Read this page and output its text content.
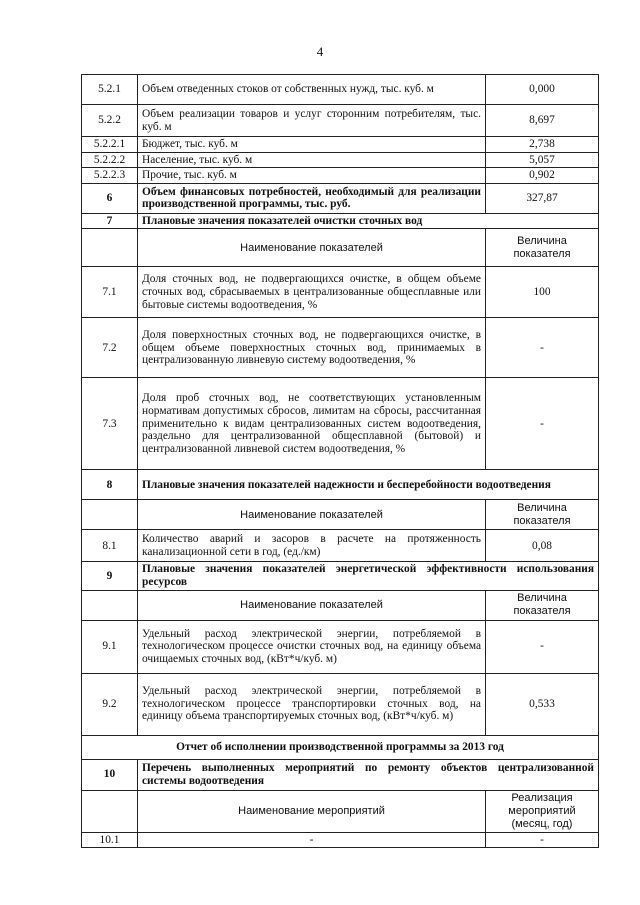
4
5.2.1	Объем отведенных стоков от собственных нужд, тыс. куб. м	0,000
5.2.2	Объем реализации товаров и услуг сторонним потребителям, тыс. куб. м	8,697
5.2.2.1	Бюджет, тыс. куб. м	2,738
5.2.2.2	Население, тыс. куб. м	5,057
5.2.2.3	Прочие, тыс. куб. м	0,902
6	Объем финансовых потребностей, необходимый для реализации производственной программы, тыс. руб.	327,87
7	Плановые значения показателей очистки сточных вод	
	Наименование показателей	Величина показателя
7.1	Доля сточных вод, не подвергающихся очистке, в общем объеме сточных вод, сбрасываемых в централизованные общесплавные или бытовые системы водоотведения, %	100
7.2	Доля поверхностных сточных вод, не подвергающихся очистке, в общем объеме поверхностных сточных вод, принимаемых в централизованную ливневую систему водоотведения, %	-
7.3	Доля проб сточных вод, не соответствующих установленным нормативам допустимых сбросов, лимитам на сбросы, рассчитанная применительно к видам централизованных систем водоотведения, раздельно для централизованной общесплавной (бытовой) и централизованной ливневой систем водоотведения, %	-
8	Плановые значения показателей надежности и бесперебойности водоотведения	
	Наименование показателей	Величина показателя
8.1	Количество аварий и засоров в расчете на протяженность канализационной сети в год, (ед./км)	0,08
9	Плановые значения показателей энергетической эффективности использования ресурсов	
	Наименование показателей	Величина показателя
9.1	Удельный расход электрической энергии, потребляемой в технологическом процессе очистки сточных вод, на единицу объема очищаемых сточных вод, (кВт*ч/куб. м)	-
9.2	Удельный расход электрической энергии, потребляемой в технологическом процессе транспортировки сточных вод, на единицу объема транспортируемых сточных вод, (кВт*ч/куб. м)	0,533
Отчет об исполнении производственной программы за 2013 год		
10	Перечень выполненных мероприятий по ремонту объектов централизованной системы водоотведения	
	Наименование мероприятий	Реализация мероприятий (месяц, год)
10.1	-	-
